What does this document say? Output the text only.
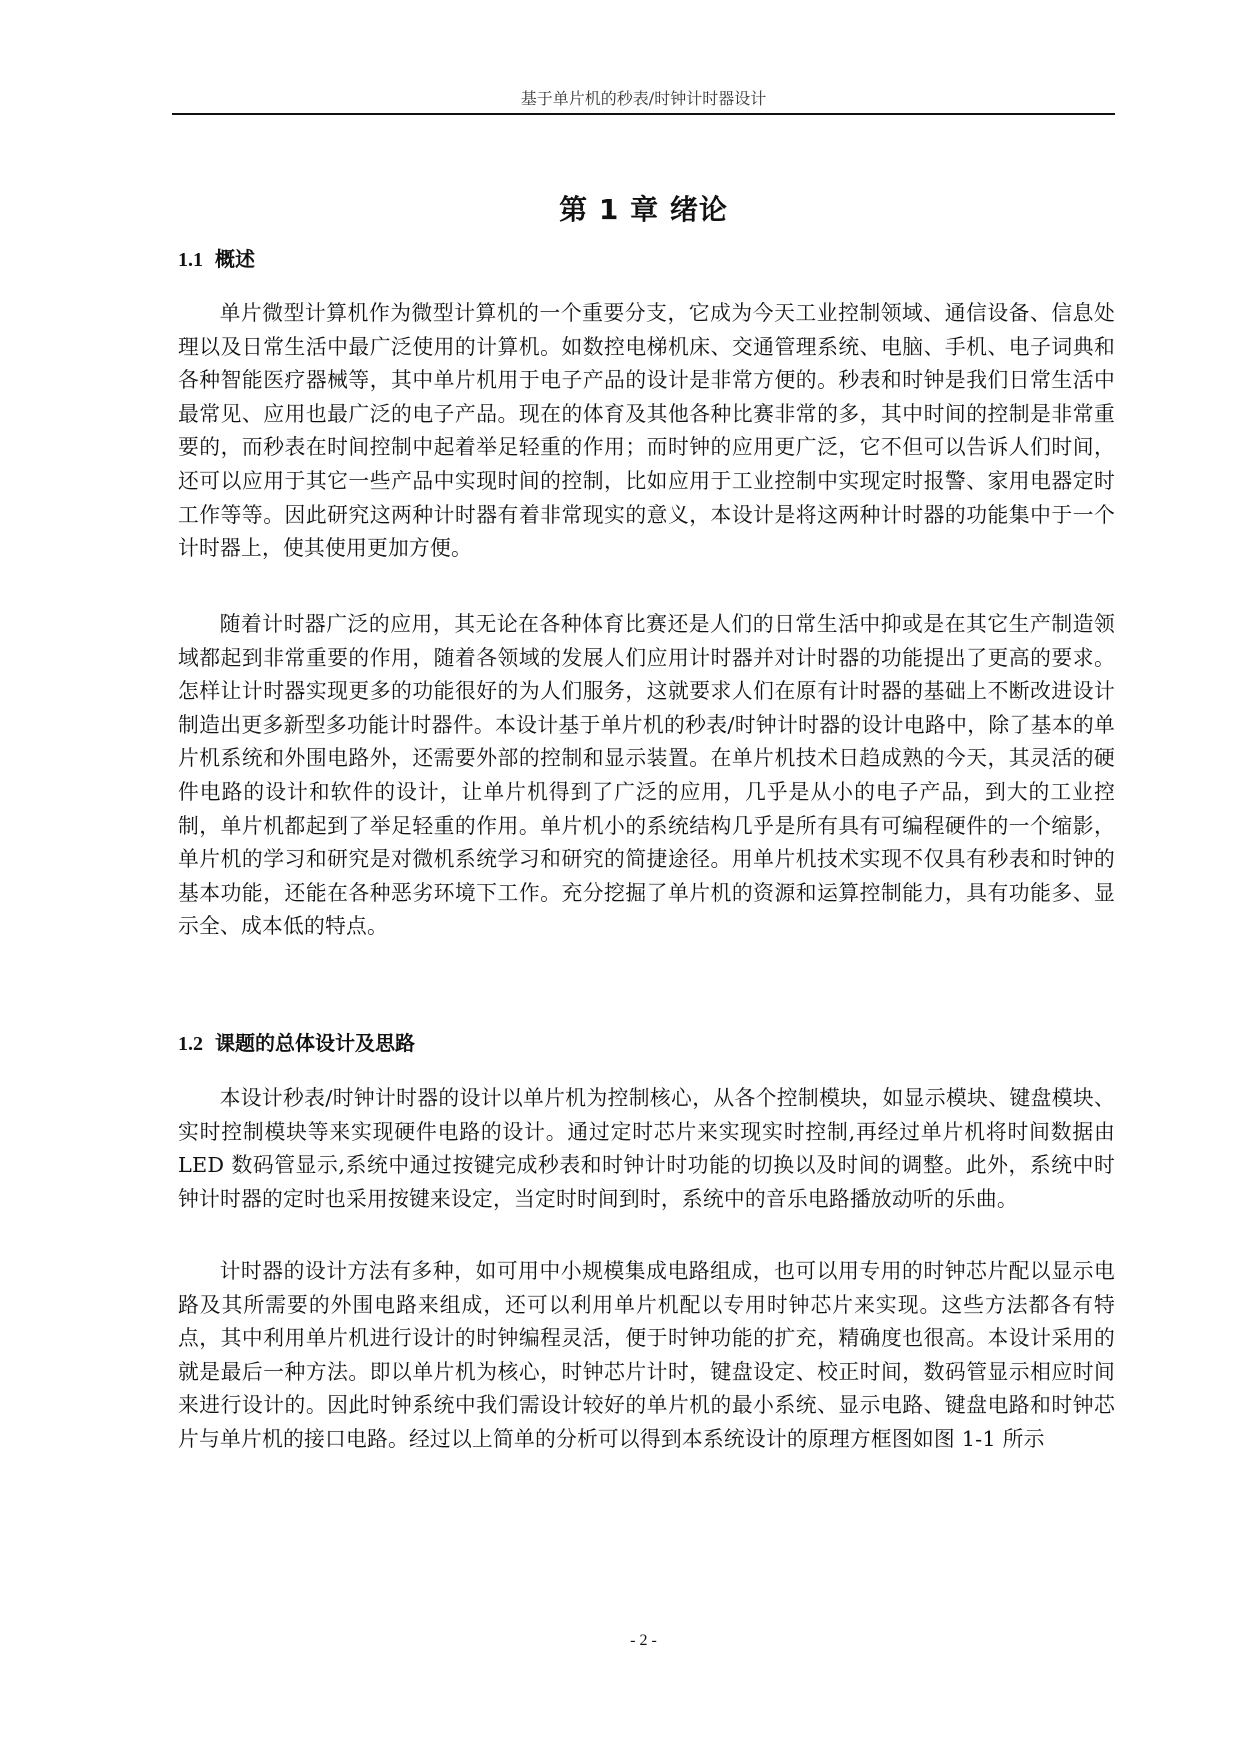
基于单片机的秒表/时钟计时器设计
第 1 章 绪论
1.1 概述

单片微型计算机作为微型计算机的一个重要分支，它成为今天工业控制领域、通信设备、信息处理以及日常生活中最广泛使用的计算机。如数控电梯机床、交通管理系统、电脑、手机、电子词典和各种智能医疗器械等，其中单片机用于电子产品的设计是非常方便的。秒表和时钟是我们日常生活中最常见、应用也最广泛的电子产品。现在的体育及其他各种比赛非常的多，其中时间的控制是非常重要的，而秒表在时间控制中起着举足轻重的作用；而时钟的应用更广泛，它不但可以告诉人们时间，还可以应用于其它一些产品中实现时间的控制，比如应用于工业控制中实现定时报警、家用电器定时工作等等。因此研究这两种计时器有着非常现实的意义，本设计是将这两种计时器的功能集中于一个计时器上，使其使用更加方便。

随着计时器广泛的应用，其无论在各种体育比赛还是人们的日常生活中抑或是在其它生产制造领域都起到非常重要的作用，随着各领域的发展人们应用计时器并对计时器的功能提出了更高的要求。怎样让计时器实现更多的功能很好的为人们服务，这就要求人们在原有计时器的基础上不断改进设计制造出更多新型多功能计时器件。本设计基于单片机的秒表/时钟计时器的设计电路中，除了基本的单片机系统和外围电路外，还需要外部的控制和显示装置。在单片机技术日趋成熟的今天，其灵活的硬件电路的设计和软件的设计，让单片机得到了广泛的应用，几乎是从小的电子产品，到大的工业控制，单片机都起到了举足轻重的作用。单片机小的系统结构几乎是所有具有可编程硬件的一个缩影，单片机的学习和研究是对微机系统学习和研究的简捷途径。用单片机技术实现不仅具有秒表和时钟的基本功能，还能在各种恶劣环境下工作。充分挖掘了单片机的资源和运算控制能力，具有功能多、显示全、成本低的特点。

1.2 课题的总体设计及思路

本设计秒表/时钟计时器的设计以单片机为控制核心，从各个控制模块，如显示模块、键盘模块、实时控制模块等来实现硬件电路的设计。通过定时芯片来实现实时控制,再经过单片机将时间数据由 LED 数码管显示,系统中通过按键完成秒表和时钟计时功能的切换以及时间的调整。此外，系统中时钟计时器的定时也采用按键来设定，当定时时间到时，系统中的音乐电路播放动听的乐曲。

计时器的设计方法有多种，如可用中小规模集成电路组成，也可以用专用的时钟芯片配以显示电路及其所需要的外围电路来组成，还可以利用单片机配以专用时钟芯片来实现。这些方法都各有特点，其中利用单片机进行设计的时钟编程灵活，便于时钟功能的扩充，精确度也很高。本设计采用的就是最后一种方法。即以单片机为核心，时钟芯片计时，键盘设定、校正时间，数码管显示相应时间来进行设计的。因此时钟系统中我们需设计较好的单片机的最小系统、显示电路、键盘电路和时钟芯片与单片机的接口电路。经过以上简单的分析可以得到本系统设计的原理方框图如图 1-1 所示

- 2 -
